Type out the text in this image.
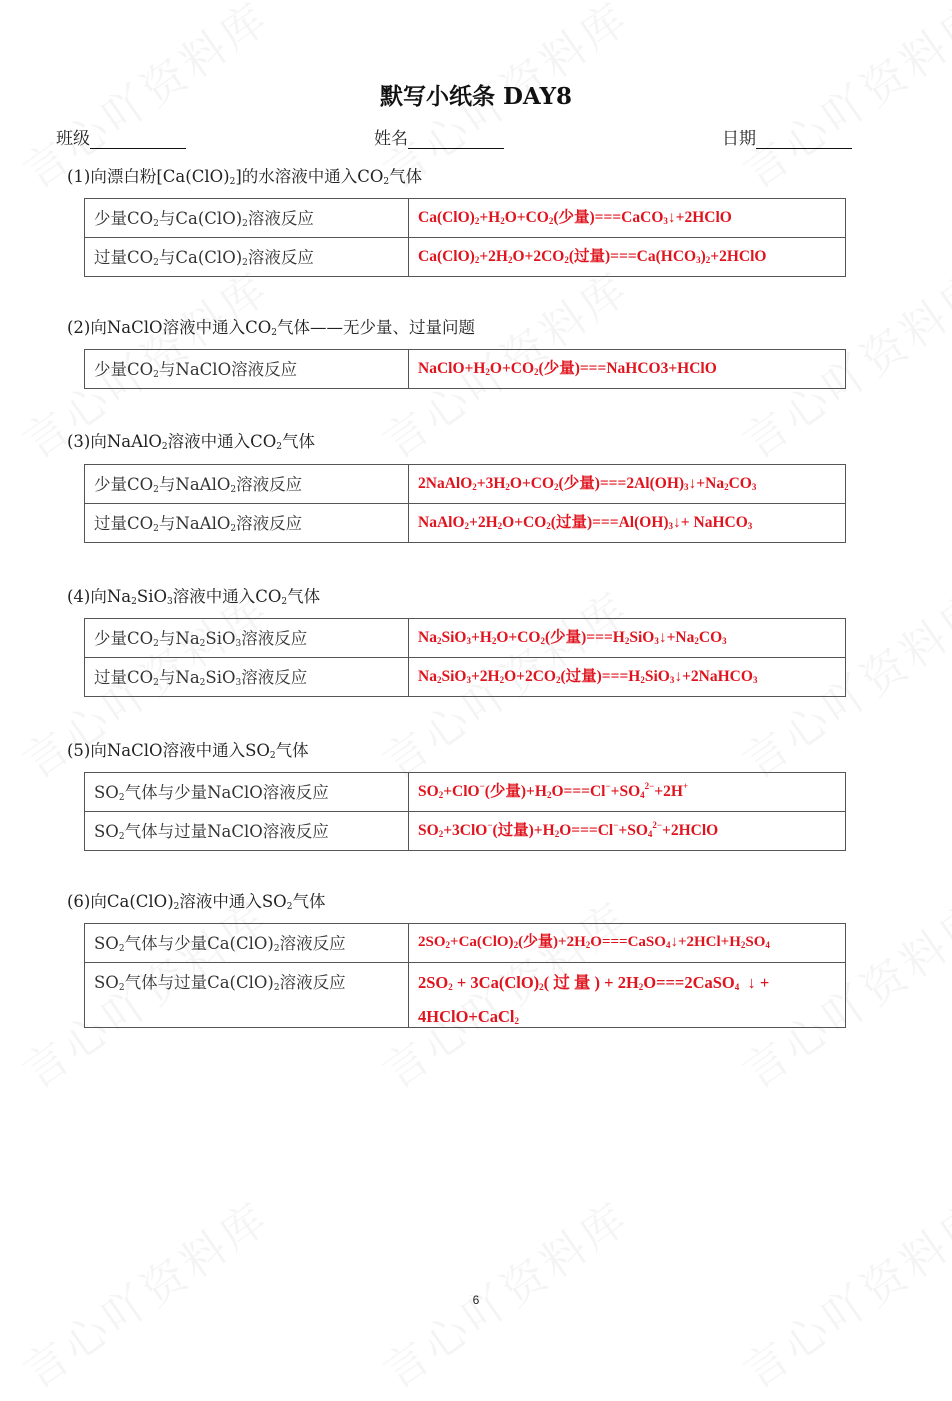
默写小纸条 DAY8
班级	姓名	日期
(1)向漂白粉$[Ca(ClO)_2]$的水溶液中通入$CO_2$气体
少量$CO_2$与$Ca(ClO)_2$溶液反应	$Ca(ClO)_2+H_2O+CO_2$(少量)===CaCO$_3$↓+2HClO
过量$CO_2$与$Ca(ClO)_2$溶液反应	$Ca(ClO)_2+2H_2O+2CO_2$(过量)$===Ca(HCO_3)_2+2HClO$
(2)向NaClO溶液中通入$CO_2$气体——无少量、过量问题
少量$CO_2$与NaClO溶液反应	$NaClO+H_2O+CO_2$(少量)===NaHCO3+HClO
(3)向NaAlO$_2$溶液中通入$CO_2$气体
少量$CO_2$与NaAlO$_2$溶液反应	$2NaAlO_2+3H_2O+CO_2$(少量)$===2Al(OH)_3↓+Na_2CO_3$
过量$CO_2$与NaAlO$_2$溶液反应	$NaAlO_2+2H_2O+CO_2$(过量)$===Al(OH)_3↓+$ NaHCO$_3$
(4)向$Na_2SiO_3$溶液中通入$CO_2$气体
少量$CO_2$与$Na_2SiO_3$溶液反应	$Na_2SiO_3+H_2O+CO_2$(少量)$===H_2SiO_3↓+Na_2CO_3$
过量$CO_2$与$Na_2SiO_3$溶液反应	$Na_2SiO_3+2H_2O+2CO_2$(过量)$===H_2SiO_3↓+2NaHCO_3$
(5)向NaClO溶液中通入$SO_2$气体
$SO_2$气体与少量NaClO溶液反应	$SO_2+ClO^-$(少量)$+H_2O===Cl^-+SO_4^{2-}+2H^+$
$SO_2$气体与过量NaClO溶液反应	$SO_2+3ClO^-$(过量)$+H_2O===Cl^-+SO_4^{2-}+2HClO$
(6)向$Ca(ClO)_2$溶液中通入$SO_2$气体
$SO_2$气体与少量$Ca(ClO)_2$溶液反应	$2SO_2+Ca(ClO)_2$(少量)$+2H_2O===CaSO_4↓+2HCl+H_2SO_4$
$SO_2$气体与过量$Ca(ClO)_2$溶液反应	$2SO_2 + 3Ca(ClO)_2$( 过 量 ) + $2H_2O===2CaSO_4$  ↓ +
4HClO+CaCl$_2$
6
